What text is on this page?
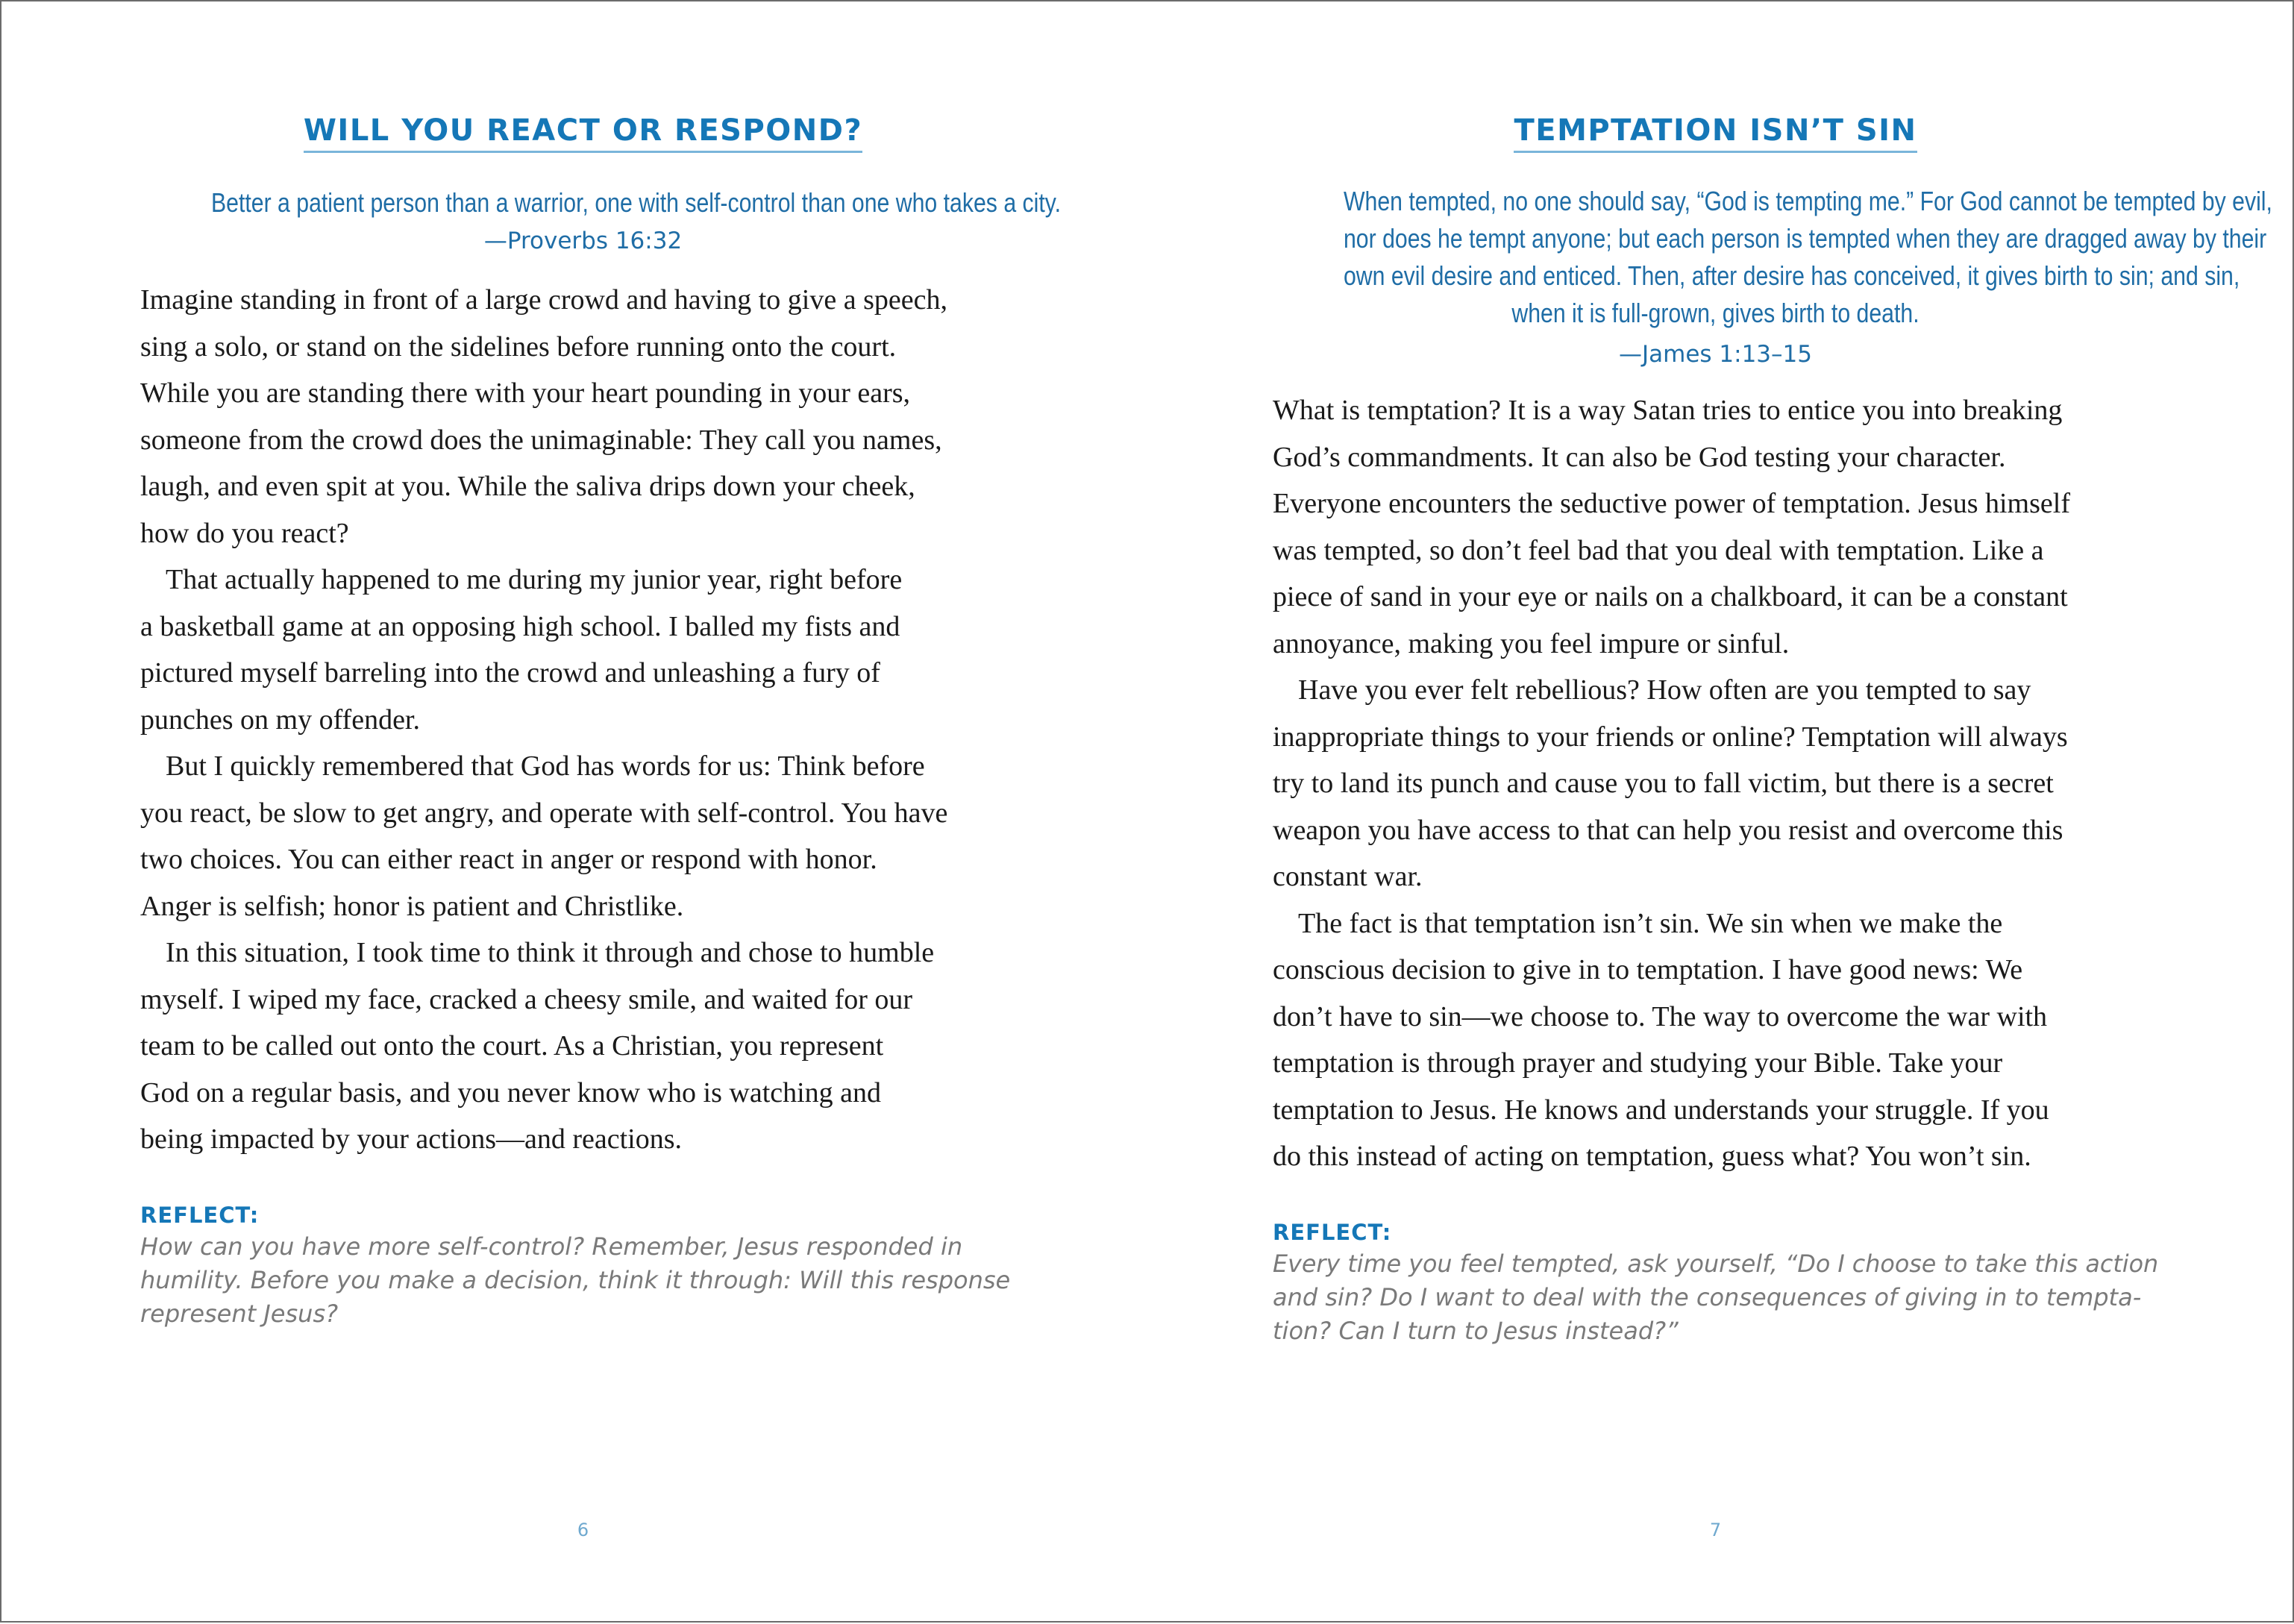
WILL YOU REACT OR RESPOND?
Better a patient person than a warrior, one with self-control than one who takes a city.
—Proverbs 16:32
Imagine standing in front of a large crowd and having to give a speech,
sing a solo, or stand on the sidelines before running onto the court.
While you are standing there with your heart pounding in your ears,
someone from the crowd does the unimaginable: They call you names,
laugh, and even spit at you. While the saliva drips down your cheek,
how do you react?
That actually happened to me during my junior year, right before
a basketball game at an opposing high school. I balled my fists and
pictured myself barreling into the crowd and unleashing a fury of
punches on my offender.
But I quickly remembered that God has words for us: Think before
you react, be slow to get angry, and operate with self-control. You have
two choices. You can either react in anger or respond with honor.
Anger is selfish; honor is patient and Christlike.
In this situation, I took time to think it through and chose to humble
myself. I wiped my face, cracked a cheesy smile, and waited for our
team to be called out onto the court. As a Christian, you represent
God on a regular basis, and you never know who is watching and
being impacted by your actions—and reactions.
REFLECT:
How can you have more self-control? Remember, Jesus responded in
humility. Before you make a decision, think it through: Will this response
represent Jesus?
6
TEMPTATION ISN’T SIN
When tempted, no one should say, “God is tempting me.” For God cannot be tempted by evil,
nor does he tempt anyone; but each person is tempted when they are dragged away by their
own evil desire and enticed. Then, after desire has conceived, it gives birth to sin; and sin,
when it is full-grown, gives birth to death.
—James 1:13–15
What is temptation? It is a way Satan tries to entice you into breaking
God’s commandments. It can also be God testing your character.
Everyone encounters the seductive power of temptation. Jesus himself
was tempted, so don’t feel bad that you deal with temptation. Like a
piece of sand in your eye or nails on a chalkboard, it can be a constant
annoyance, making you feel impure or sinful.
Have you ever felt rebellious? How often are you tempted to say
inappropriate things to your friends or online? Temptation will always
try to land its punch and cause you to fall victim, but there is a secret
weapon you have access to that can help you resist and overcome this
constant war.
The fact is that temptation isn’t sin. We sin when we make the
conscious decision to give in to temptation. I have good news: We
don’t have to sin—we choose to. The way to overcome the war with
temptation is through prayer and studying your Bible. Take your
temptation to Jesus. He knows and understands your struggle. If you
do this instead of acting on temptation, guess what? You won’t sin.
REFLECT:
Every time you feel tempted, ask yourself, “Do I choose to take this action
and sin? Do I want to deal with the consequences of giving in to tempta-
tion? Can I turn to Jesus instead?”
7
